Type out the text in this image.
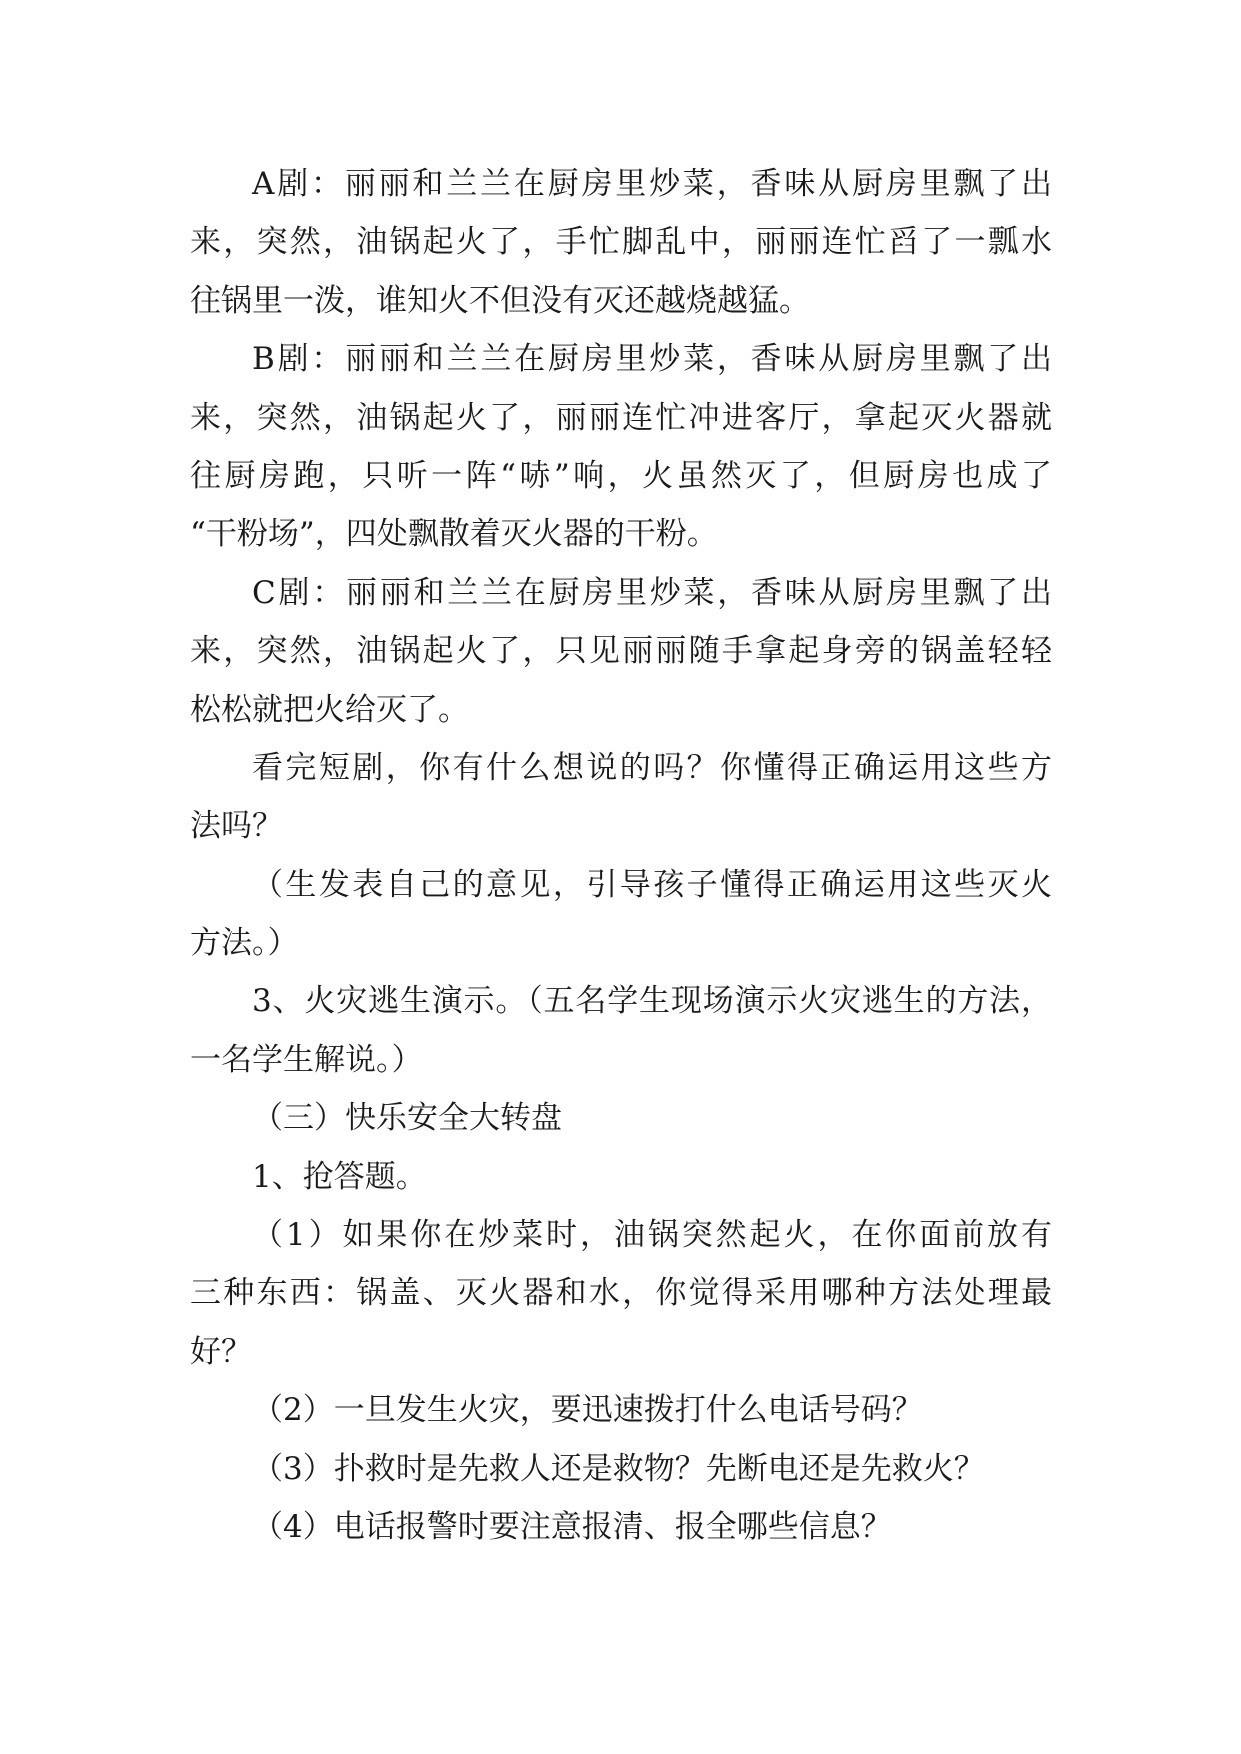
A剧：丽丽和兰兰在厨房里炒菜，香味从厨房里飘了出
来，突然，油锅起火了，手忙脚乱中，丽丽连忙舀了一瓢水
往锅里一泼，谁知火不但没有灭还越烧越猛。
B剧：丽丽和兰兰在厨房里炒菜，香味从厨房里飘了出
来，突然，油锅起火了，丽丽连忙冲进客厅，拿起灭火器就
往厨房跑，只听一阵“哧”响，火虽然灭了，但厨房也成了
“干粉场”，四处飘散着灭火器的干粉。
C剧：丽丽和兰兰在厨房里炒菜，香味从厨房里飘了出
来，突然，油锅起火了，只见丽丽随手拿起身旁的锅盖轻轻
松松就把火给灭了。
看完短剧，你有什么想说的吗？你懂得正确运用这些方
法吗？
（生发表自己的意见，引导孩子懂得正确运用这些灭火
方法。）
3、火灾逃生演示。（五名学生现场演示火灾逃生的方法，
一名学生解说。）
（三）快乐安全大转盘
1、抢答题。
（1）如果你在炒菜时，油锅突然起火，在你面前放有
三种东西：锅盖、灭火器和水，你觉得采用哪种方法处理最
好？
（2）一旦发生火灾，要迅速拨打什么电话号码？
（3）扑救时是先救人还是救物？先断电还是先救火？
（4）电话报警时要注意报清、报全哪些信息？
